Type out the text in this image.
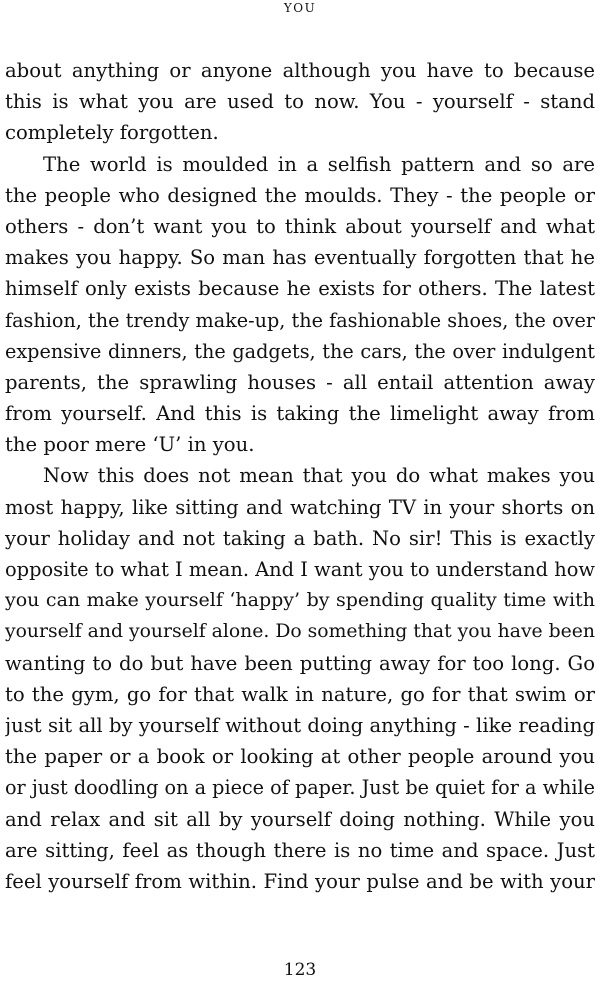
YOU
about anything or anyone although you have to because
this is what you are used to now. You - yourself - stand
completely forgotten.
The world is moulded in a selfish pattern and so are
the people who designed the moulds. They - the people or
others - don’t want you to think about yourself and what
makes you happy. So man has eventually forgotten that he
himself only exists because he exists for others. The latest
fashion, the trendy make-up, the fashionable shoes, the over
expensive dinners, the gadgets, the cars, the over indulgent
parents, the sprawling houses - all entail attention away
from yourself. And this is taking the limelight away from
the poor mere ‘U’ in you.
Now this does not mean that you do what makes you
most happy, like sitting and watching TV in your shorts on
your holiday and not taking a bath. No sir! This is exactly
opposite to what I mean. And I want you to understand how
you can make yourself ‘happy’ by spending quality time with
yourself and yourself alone. Do something that you have been
wanting to do but have been putting away for too long. Go
to the gym, go for that walk in nature, go for that swim or
just sit all by yourself without doing anything - like reading
the paper or a book or looking at other people around you
or just doodling on a piece of paper. Just be quiet for a while
and relax and sit all by yourself doing nothing. While you
are sitting, feel as though there is no time and space. Just
feel yourself from within. Find your pulse and be with your
123
